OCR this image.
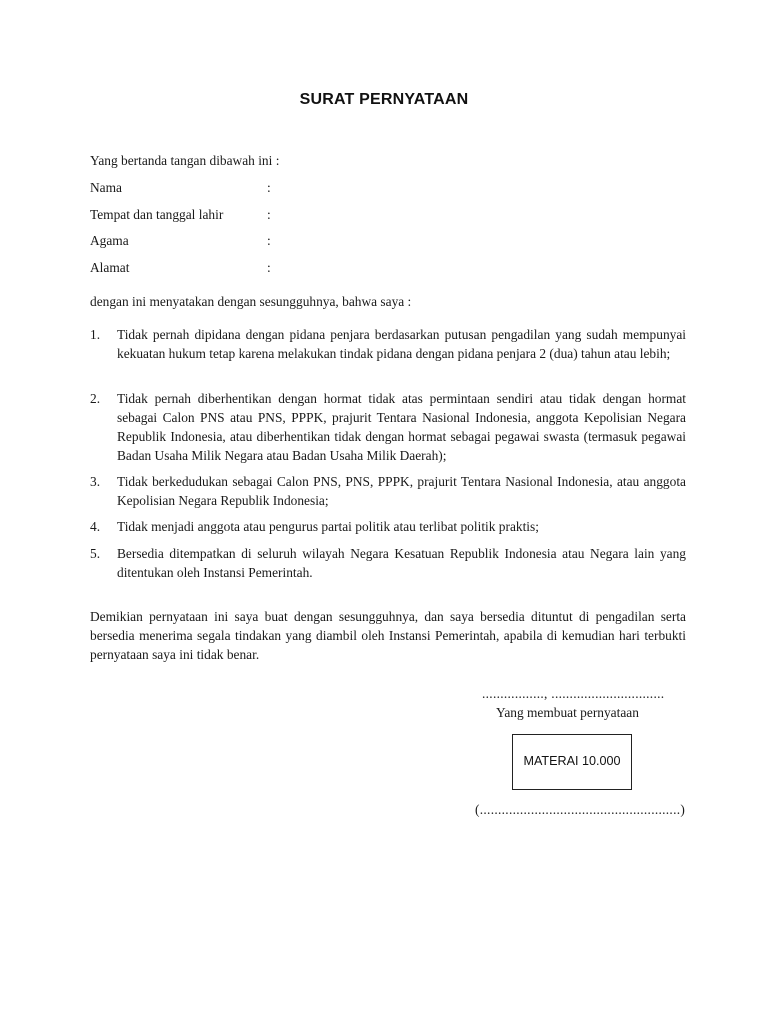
SURAT PERNYATAAN
Yang bertanda tangan dibawah ini :
Nama	:
Tempat dan tanggal lahir	:
Agama	:
Alamat	:
dengan ini menyatakan dengan sesungguhnya, bahwa saya :
1. Tidak pernah dipidana dengan pidana penjara berdasarkan putusan pengadilan yang sudah mempunyai kekuatan hukum tetap karena melakukan tindak pidana dengan pidana penjara 2 (dua) tahun atau lebih;
2. Tidak pernah diberhentikan dengan hormat tidak atas permintaan sendiri atau tidak dengan hormat sebagai Calon PNS atau PNS, PPPK, prajurit Tentara Nasional Indonesia, anggota Kepolisian Negara Republik Indonesia, atau diberhentikan tidak dengan hormat sebagai pegawai swasta (termasuk pegawai Badan Usaha Milik Negara atau Badan Usaha Milik Daerah);
3. Tidak berkedudukan sebagai Calon PNS, PNS, PPPK, prajurit Tentara Nasional Indonesia, atau anggota Kepolisian Negara Republik Indonesia;
4. Tidak menjadi anggota atau pengurus partai politik atau terlibat politik praktis;
5. Bersedia ditempatkan di seluruh wilayah Negara Kesatuan Republik Indonesia atau Negara lain yang ditentukan oleh Instansi Pemerintah.
Demikian pernyataan ini saya buat dengan sesungguhnya, dan saya bersedia dituntut di pengadilan serta bersedia menerima segala tindakan yang diambil oleh Instansi Pemerintah, apabila di kemudian hari terbukti pernyataan saya ini tidak benar.
................., ...............................
Yang membuat pernyataan
MATERAI 10.000
(.......................................................)
